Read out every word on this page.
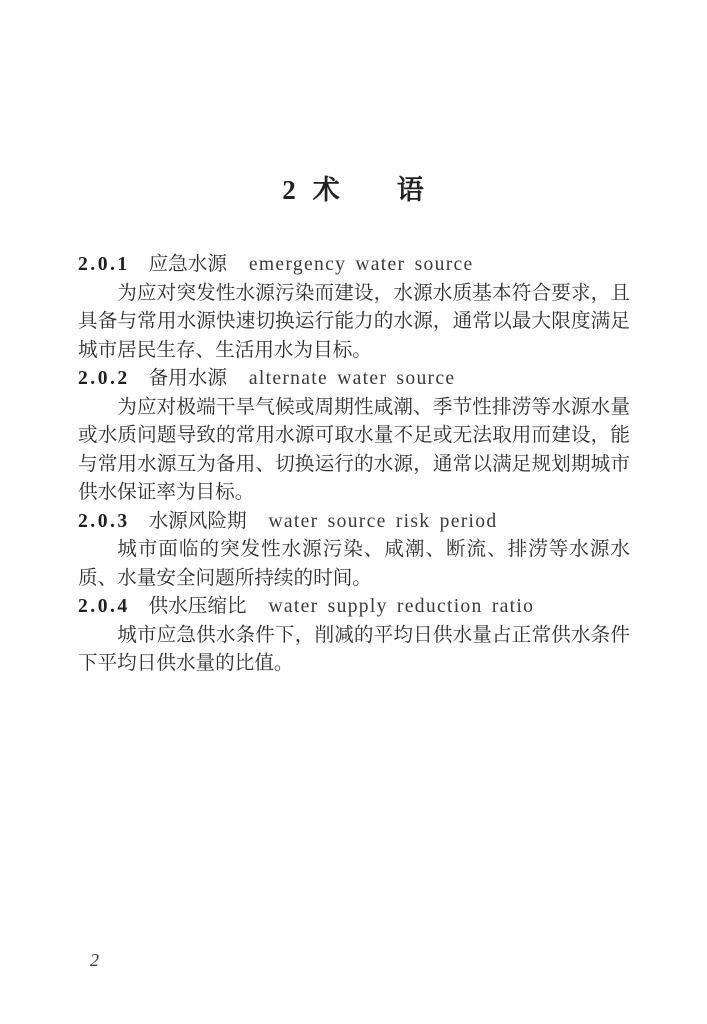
2 术　　语

2.0.1 应急水源 emergency water source

为应对突发性水源污染而建设，水源水质基本符合要求，且具备与常用水源快速切换运行能力的水源，通常以最大限度满足城市居民生存、生活用水为目标。

2.0.2 备用水源 alternate water source

为应对极端干旱气候或周期性咸潮、季节性排涝等水源水量或水质问题导致的常用水源可取水量不足或无法取用而建设，能与常用水源互为备用、切换运行的水源，通常以满足规划期城市供水保证率为目标。

2.0.3 水源风险期 water source risk period

城市面临的突发性水源污染、咸潮、断流、排涝等水源水质、水量安全问题所持续的时间。

2.0.4 供水压缩比 water supply reduction ratio

城市应急供水条件下，削减的平均日供水量占正常供水条件下平均日供水量的比值。

2
